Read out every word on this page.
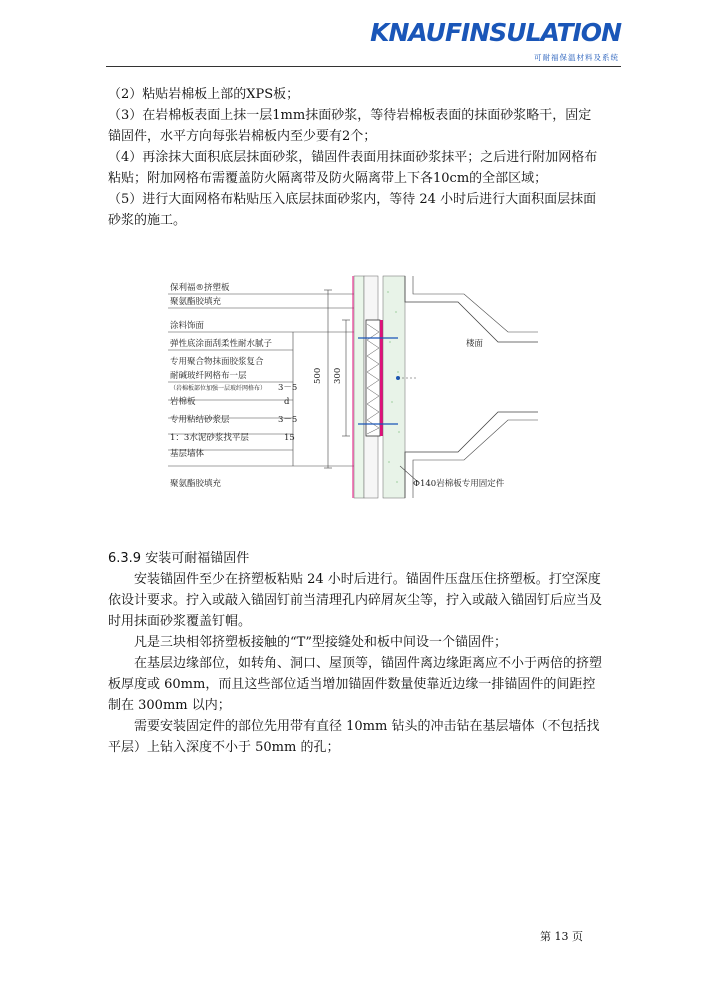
KNAUFINSULATION
可耐福保温材料及系统

（2）粘贴岩棉板上部的XPS板；

（3）在岩棉板表面上抹一层1mm抹面砂浆，等待岩棉板表面的抹面砂浆略干，固定锚固件，水平方向每张岩棉板内至少要有2个；

（4）再涂抹大面积底层抹面砂浆，锚固件表面用抹面砂浆抹平；之后进行附加网格布粘贴；附加网格布需覆盖防火隔离带及防火隔离带上下各10cm的全部区域；

（5）进行大面网格布粘贴压入底层抹面砂浆内，等待 24 小时后进行大面积面层抹面砂浆的施工。

保利福®挤塑板
聚氨酯胶填充
涂料饰面
弹性底涂面刮柔性耐水腻子
专用聚合物抹面胶浆复合
耐碱玻纤网格布一层
（岩棉板部位加强一层玻纤网格布）
岩棉板
专用粘结砂浆层
1：3水泥砂浆找平层
基层墙体
聚氨酯胶填充
3－5
d
3－5
15
500 300
楼面
Φ140岩棉板专用固定件

6.3.9 安装可耐福锚固件

安装锚固件至少在挤塑板粘贴 24 小时后进行。锚固件压盘压住挤塑板。打空深度依设计要求。拧入或敲入锚固钉前当清理孔内碎屑灰尘等，拧入或敲入锚固钉后应当及时用抹面砂浆覆盖钉帽。

凡是三块相邻挤塑板接触的“T”型接缝处和板中间设一个锚固件；

在基层边缘部位，如转角、洞口、屋顶等，锚固件离边缘距离应不小于两倍的挤塑板厚度或 60mm，而且这些部位适当增加锚固件数量使靠近边缘一排锚固件的间距控制在 300mm 以内；

需要安装固定件的部位先用带有直径 10mm 钻头的冲击钻在基层墙体（不包括找平层）上钻入深度不小于 50mm 的孔；

第 13 页
